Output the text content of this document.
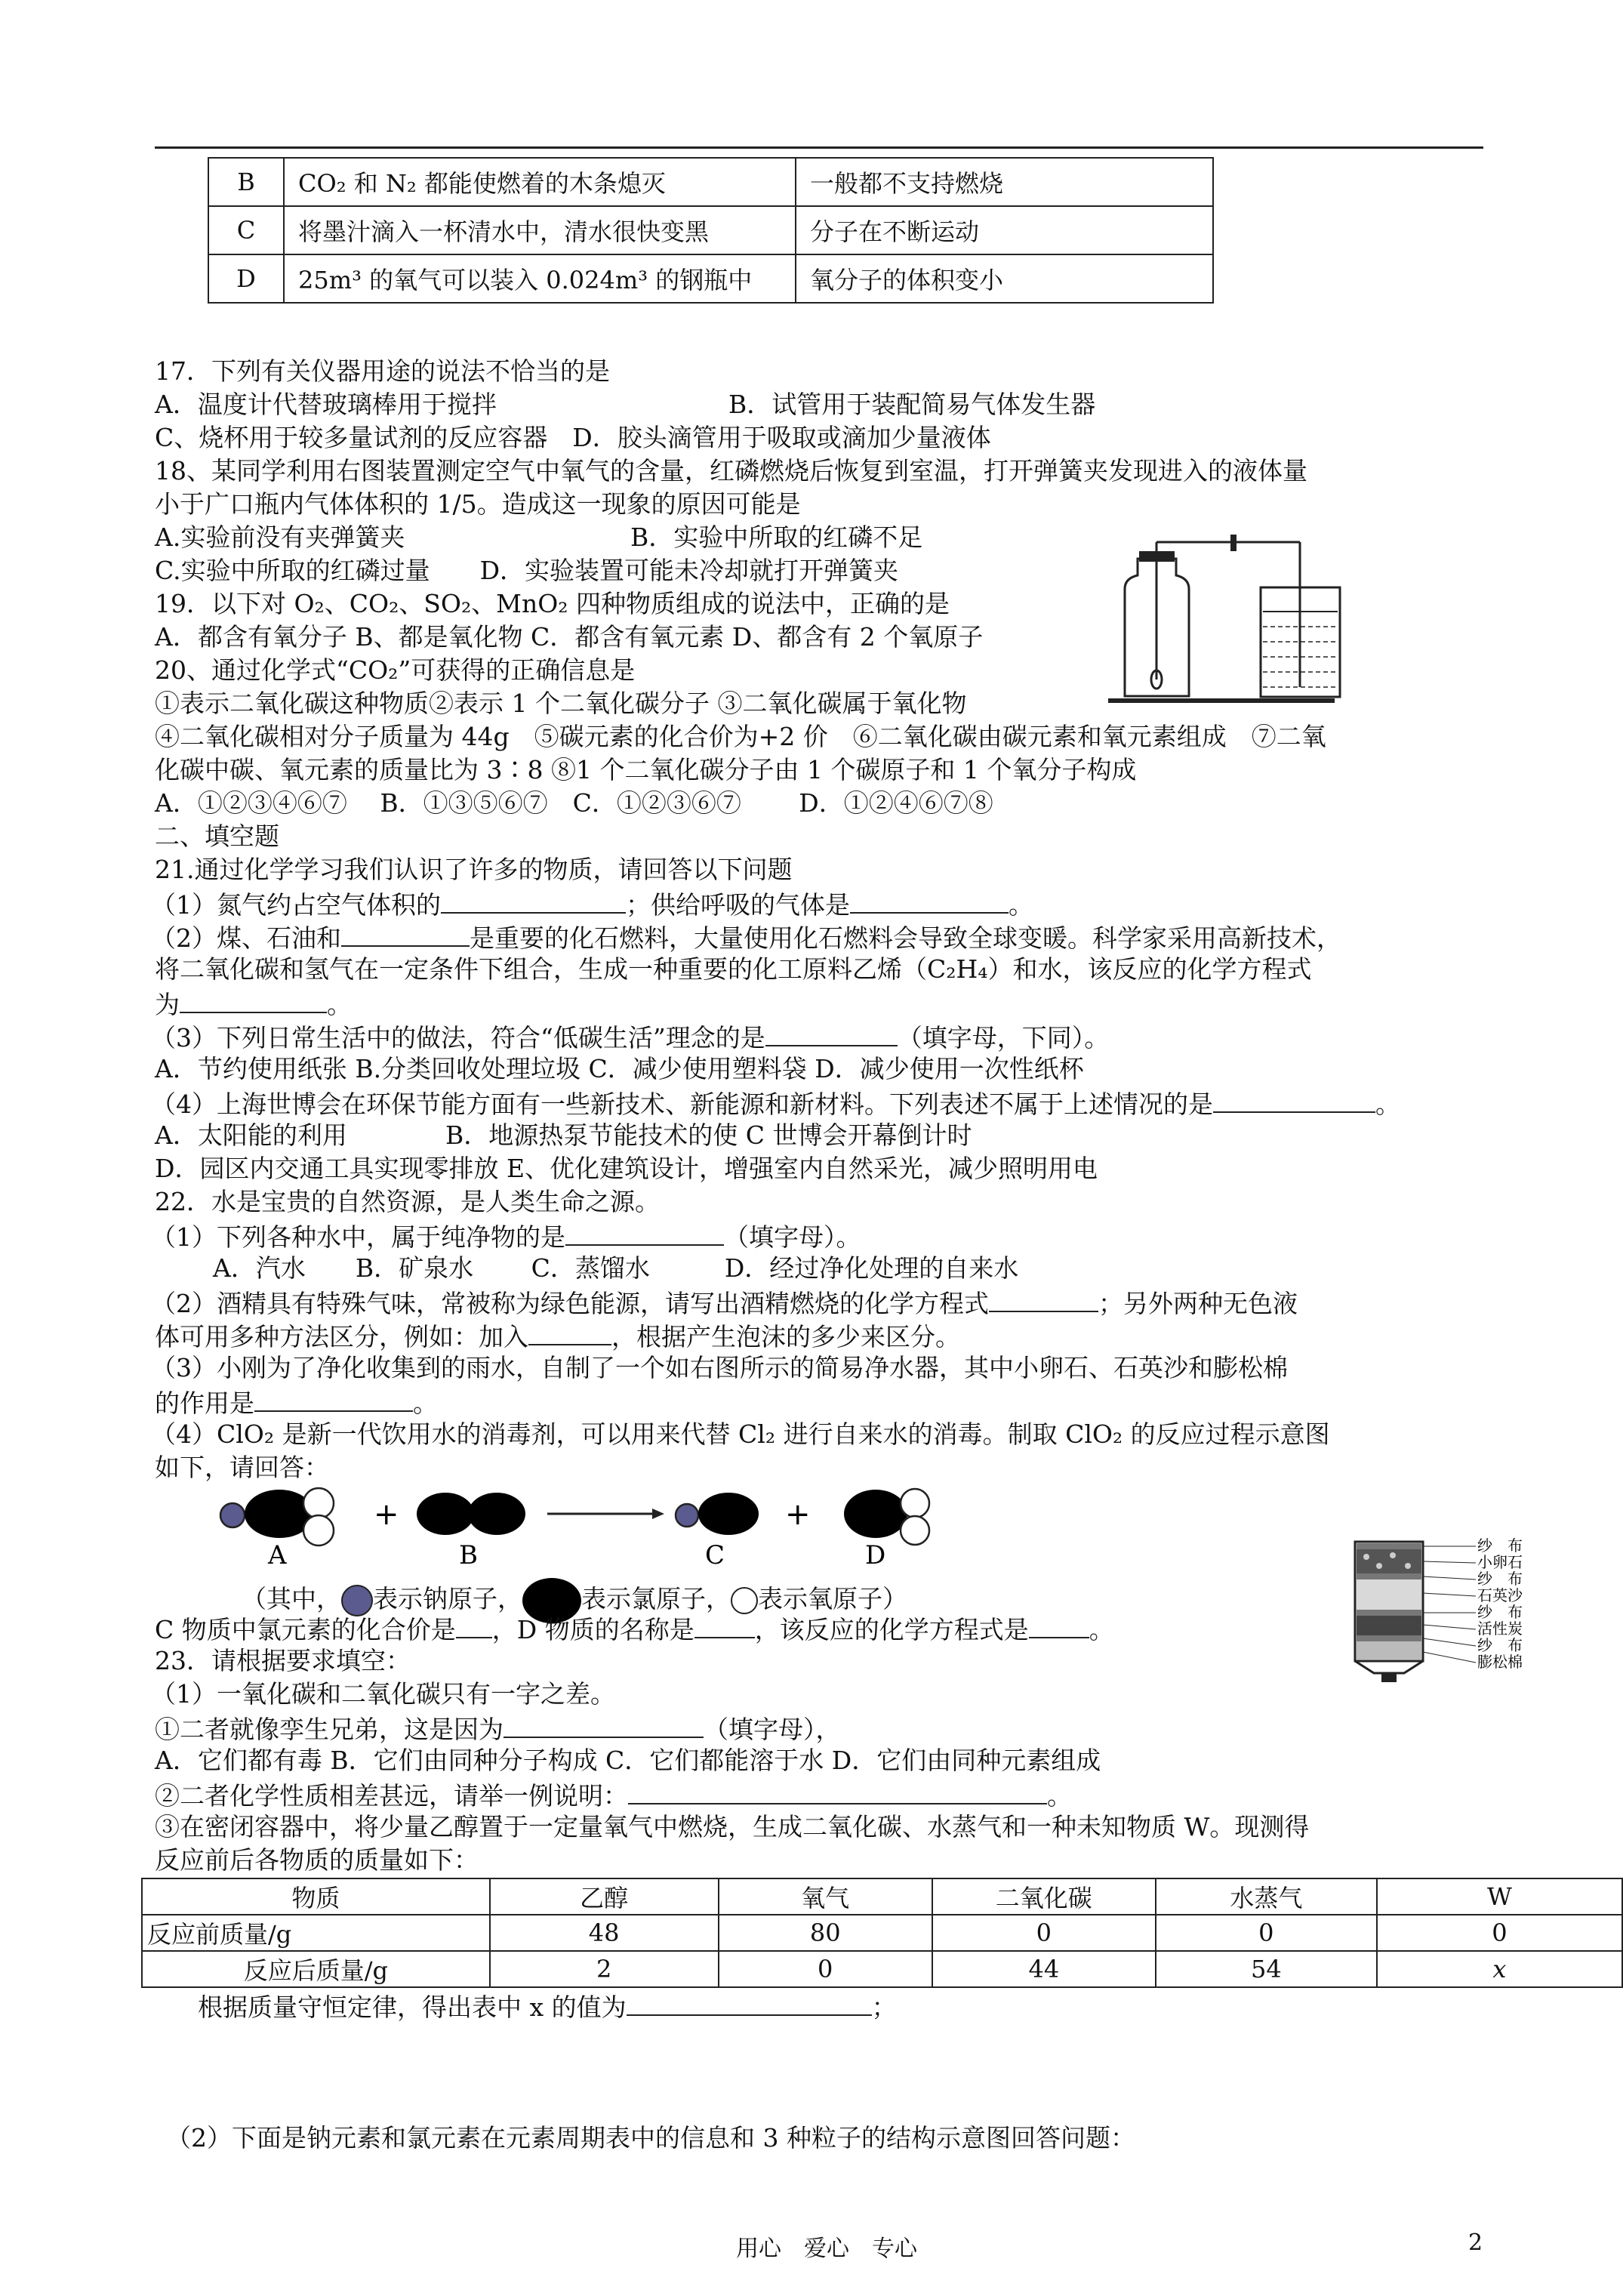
B	CO₂ 和 N₂ 都能使燃着的木条熄灭	一般都不支持燃烧
C	将墨汁滴入一杯清水中，清水很快变黑	分子在不断运动
D	25m³ 的氧气可以装入 0.024m³ 的钢瓶中	氧分子的体积变小
17．下列有关仪器用途的说法不恰当的是
A．温度计代替玻璃棒用于搅拌	B．试管用于装配简易气体发生器
C、烧杯用于较多量试剂的反应容器　D．胶头滴管用于吸取或滴加少量液体
18、某同学利用右图装置测定空气中氧气的含量，红磷燃烧后恢复到室温，打开弹簧夹发现进入的液体量
小于广口瓶内气体体积的 1/5。造成这一现象的原因可能是
A.实验前没有夹弹簧夹	B．实验中所取的红磷不足
C.实验中所取的红磷过量　　D．实验装置可能未冷却就打开弹簧夹
19．以下对 O₂、CO₂、SO₂、MnO₂ 四种物质组成的说法中，正确的是
A．都含有氧分子 B、都是氧化物 C．都含有氧元素 D、都含有 2 个氧原子
20、通过化学式“CO₂”可获得的正确信息是
①表示二氧化碳这种物质②表示 1 个二氧化碳分子 ③二氧化碳属于氧化物
④二氧化碳相对分子质量为 44g　⑤碳元素的化合价为+2 价　⑥二氧化碳由碳元素和氧元素组成　⑦二氧
化碳中碳、氧元素的质量比为 3∶8 ⑧1 个二氧化碳分子由 1 个碳原子和 1 个氧分子构成
A．①②③④⑥⑦　 B．①③⑤⑥⑦　C．①②③⑥⑦　　 D．①②④⑥⑦⑧
二、填空题
21.通过化学学习我们认识了许多的物质，请回答以下问题
（1）氮气约占空气体积的	；供给呼吸的气体是	。
（2）煤、石油和	是重要的化石燃料，大量使用化石燃料会导致全球变暖。科学家采用高新技术，
将二氧化碳和氢气在一定条件下组合，生成一种重要的化工原料乙烯（C₂H₄）和水，该反应的化学方程式
为	。
（3）下列日常生活中的做法，符合“低碳生活”理念的是	（填字母，下同）。
A．节约使用纸张 B.分类回收处理垃圾 C．减少使用塑料袋 D．减少使用一次性纸杯
（4）上海世博会在环保节能方面有一些新技术、新能源和新材料。下列表述不属于上述情况的是	。
A．太阳能的利用	B．地源热泵节能技术的使 C 世博会开幕倒计时
D．园区内交通工具实现零排放 E、优化建筑设计，增强室内自然采光，减少照明用电
22．水是宝贵的自然资源，是人类生命之源。
（1）下列各种水中，属于纯净物的是	（填字母）。
A．汽水　　B．矿泉水　　 C．蒸馏水　　　D．经过净化处理的自来水
（2）酒精具有特殊气味，常被称为绿色能源，请写出酒精燃烧的化学方程式	；另外两种无色液
体可用多种方法区分，例如：加入	，根据产生泡沫的多少来区分。
（3）小刚为了净化收集到的雨水，自制了一个如右图所示的简易净水器，其中小卵石、石英沙和膨松棉
的作用是	。
（4）ClO₂ 是新一代饮用水的消毒剂，可以用来代替 Cl₂ 进行自来水的消毒。制取 ClO₂ 的反应过程示意图
如下，请回答：
+	+
A	B	C	D
（其中， 表示钠原子， 表示氯原子， 表示氧原子）
C 物质中氯元素的化合价是 ，D 物质的名称是 ，该反应的化学方程式是 。
纱　布
小卵石
纱　布
石英沙
纱　布
活性炭
纱　布
膨松棉
23．请根据要求填空：
（1）一氧化碳和二氧化碳只有一字之差。
①二者就像孪生兄弟，这是因为	（填字母），
A．它们都有毒 B．它们由同种分子构成 C．它们都能溶于水 D．它们由同种元素组成
②二者化学性质相差甚远，请举一例说明：	。
③在密闭容器中，将少量乙醇置于一定量氧气中燃烧，生成二氧化碳、水蒸气和一种未知物质 W。现测得
反应前后各物质的质量如下：
物质	乙醇	氧气	二氧化碳	水蒸气	W
反应前质量/g	48	80	0	0	0
反应后质量/g	2	0	44	54	x
根据质量守恒定律，得出表中 x 的值为	；
（2）下面是钠元素和氯元素在元素周期表中的信息和 3 种粒子的结构示意图回答问题：
用心　爱心　专心	2
